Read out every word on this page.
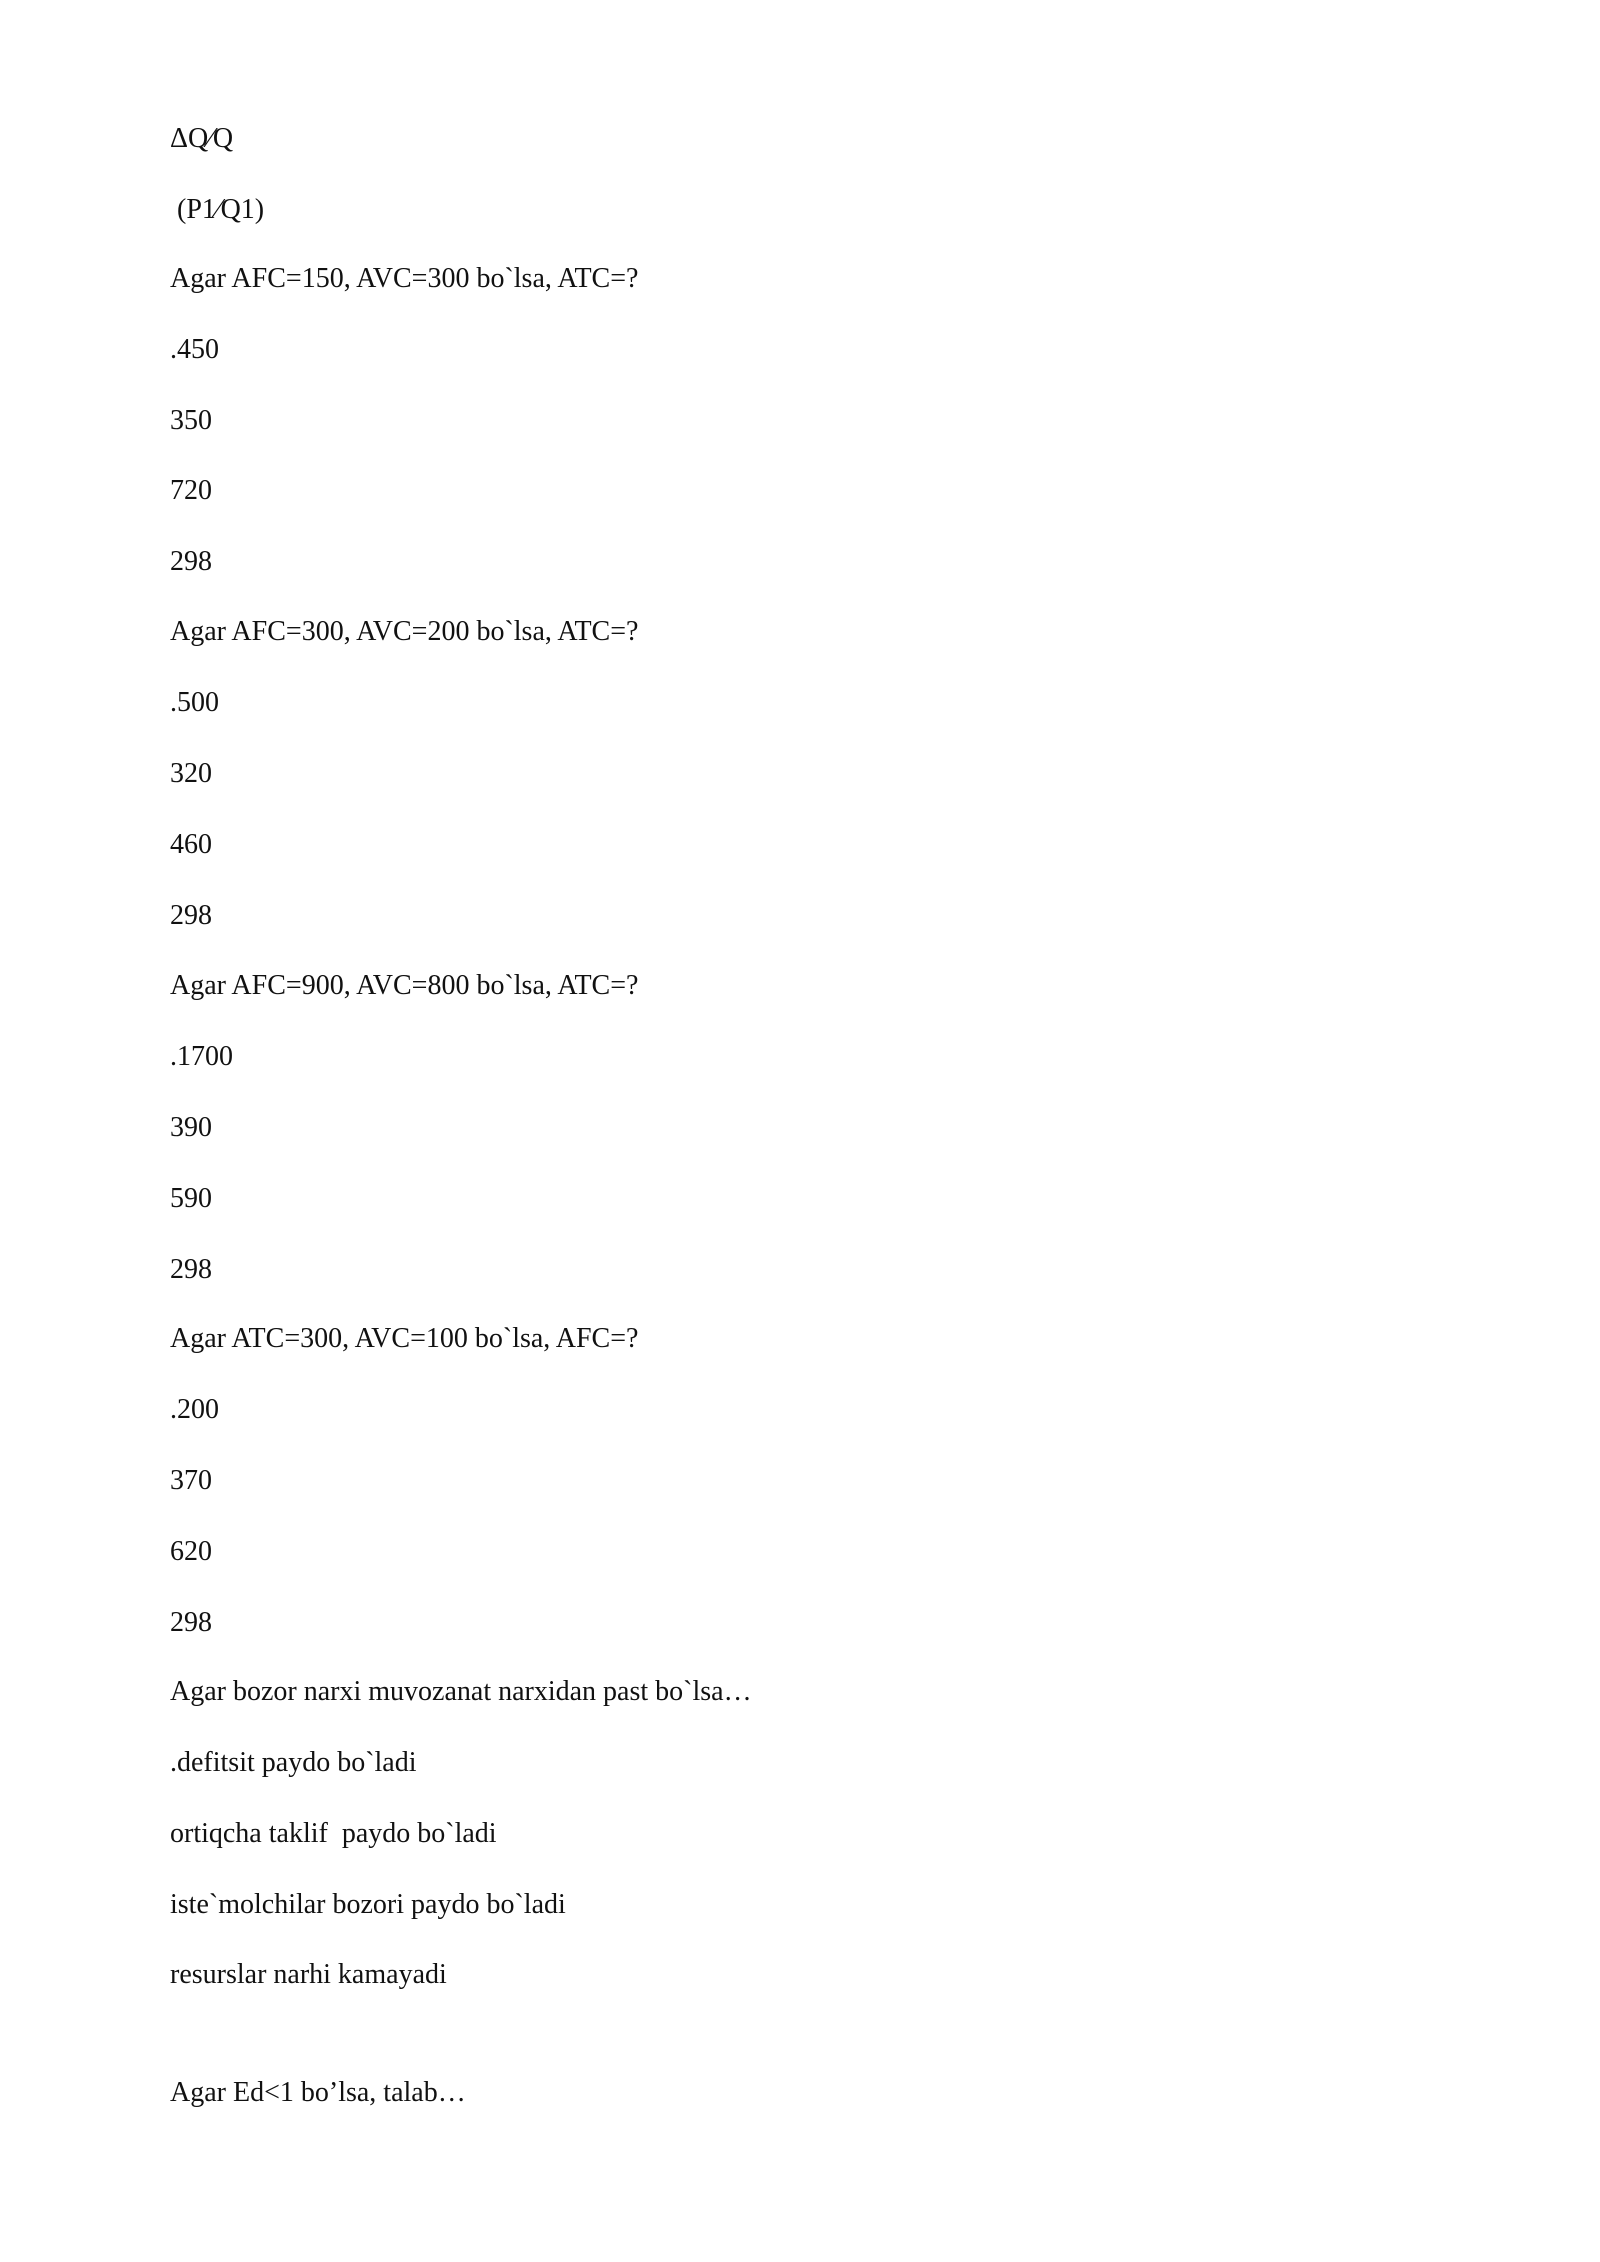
ΔQ⁄Q

(P1⁄Q1)

Agar AFC=150, AVC=300 bo`lsa, ATC=?

.450

350

720

298

Agar AFC=300, AVC=200 bo`lsa, ATC=?

.500

320

460

298

Agar AFC=900, AVC=800 bo`lsa, ATC=?

.1700

390

590

298

Agar ATC=300, AVC=100 bo`lsa, AFC=?

.200

370

620

298

Agar bozor narxi muvozanat narxidan past bo`lsa…

.defitsit paydo bo`ladi

ortiqcha taklif  paydo bo`ladi

iste`molchilar bozori paydo bo`ladi

resurslar narhi kamayadi

Agar Ed<1 bo’lsa, talab…
